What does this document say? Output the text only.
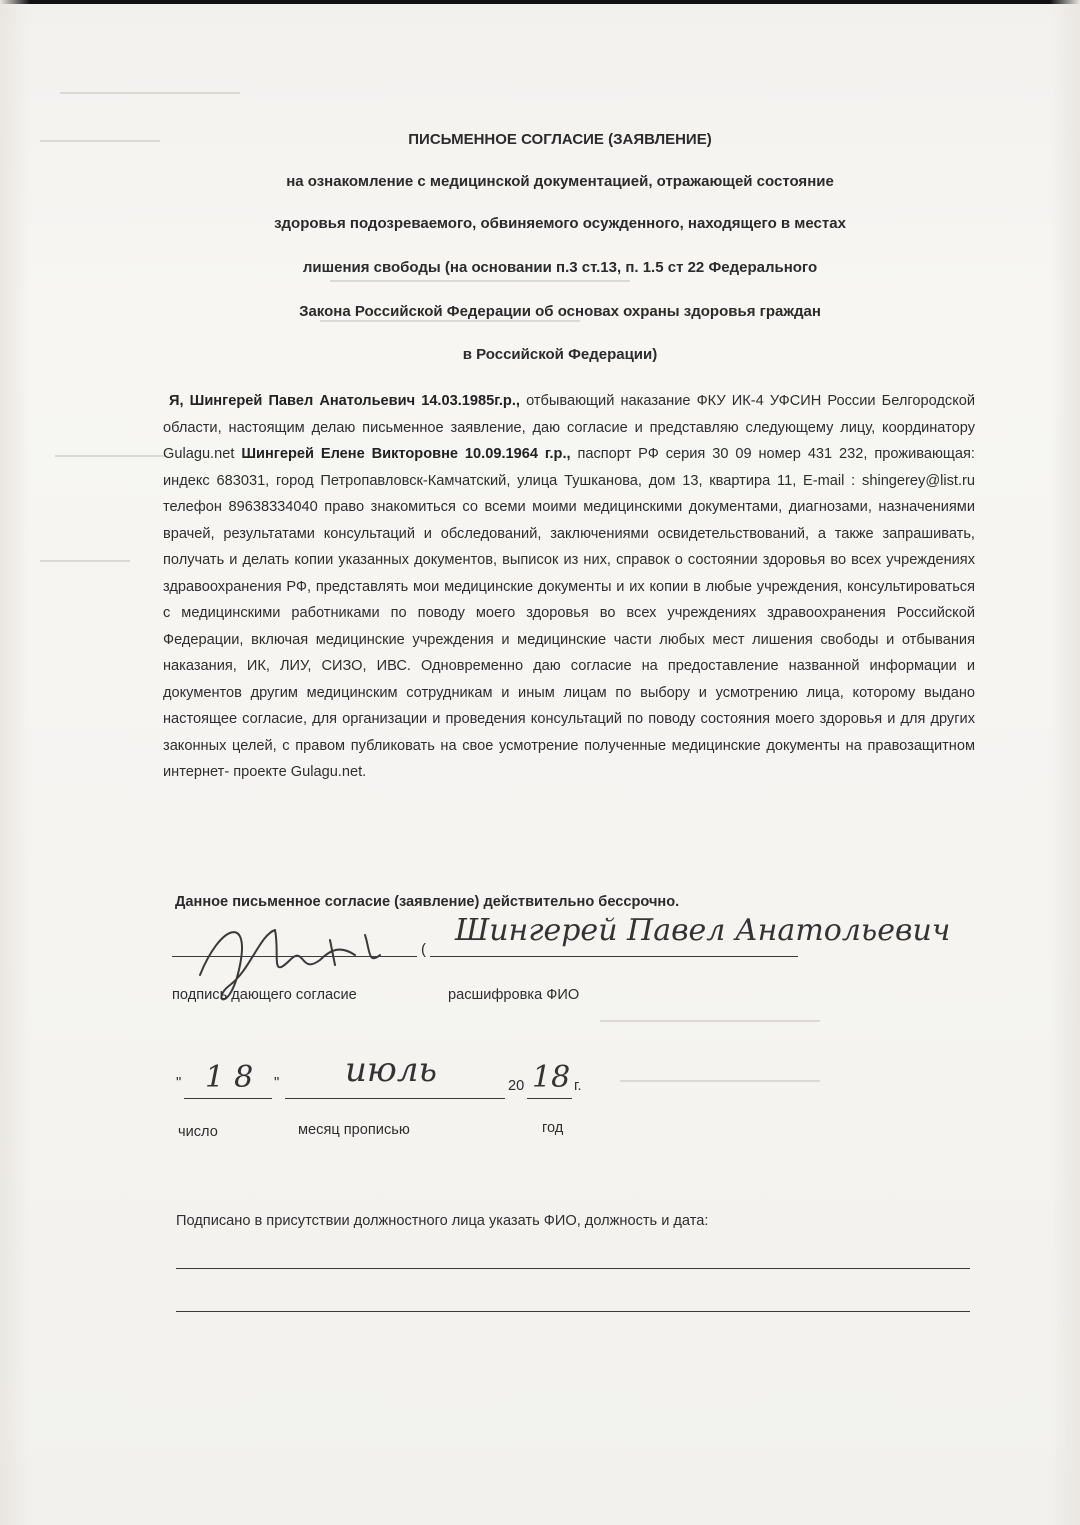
ПИСЬМЕННОЕ СОГЛАСИЕ (ЗАЯВЛЕНИЕ)

на ознакомление с медицинской документацией, отражающей состояние

здоровья подозреваемого, обвиняемого осужденного, находящего в местах

лишения свободы (на основании п.3 ст.13, п. 1.5 ст 22 Федерального

Закона Российской Федерации об основах охраны здоровья граждан

в Российской Федерации)

Я, Шингерей Павел Анатольевич 14.03.1985г.р., отбывающий наказание ФКУ ИК-4 УФСИН России Белгородской области, настоящим делаю письменное заявление, даю согласие и представляю следующему лицу, координатору Gulagu.net Шингерей Елене Викторовне 10.09.1964 г.р., паспорт РФ серия 30 09 номер 431 232, проживающая: индекс 683031, город Петропавловск-Камчатский, улица Тушканова, дом 13, квартира 11, E-mail : shingerey@list.ru телефон 89638334040 право знакомиться со всеми моими медицинскими документами, диагнозами, назначениями врачей, результатами консультаций и обследований, заключениями освидетельствований, а также запрашивать, получать и делать копии указанных документов, выписок из них, справок о состоянии здоровья во всех учреждениях здравоохранения РФ, представлять мои медицинские документы и их копии в любые учреждения, консультироваться с медицинскими работниками по поводу моего здоровья во всех учреждениях здравоохранения Российской Федерации, включая медицинские учреждения и медицинские части любых мест лишения свободы и отбывания наказания, ИК, ЛИУ, СИЗО, ИВС. Одновременно даю согласие на предоставление названной информации и документов другим медицинским сотрудникам и иным лицам по выбору и усмотрению лица, которому выдано настоящее согласие, для организации и проведения консультаций по поводу состояния моего здоровья и для других законных целей, с правом публиковать на свое усмотрение полученные медицинские документы на правозащитном интернет- проекте Gulagu.net.

Данное письменное согласие (заявление) действительно бессрочно.
Шингерей Павел Анатольевич
(
подпись дающего согласие	расшифровка ФИО
" 18 " июль	20 18 г.
число	месяц прописью	год
Подписано в присутствии должностного лица указать ФИО, должность и дата:
